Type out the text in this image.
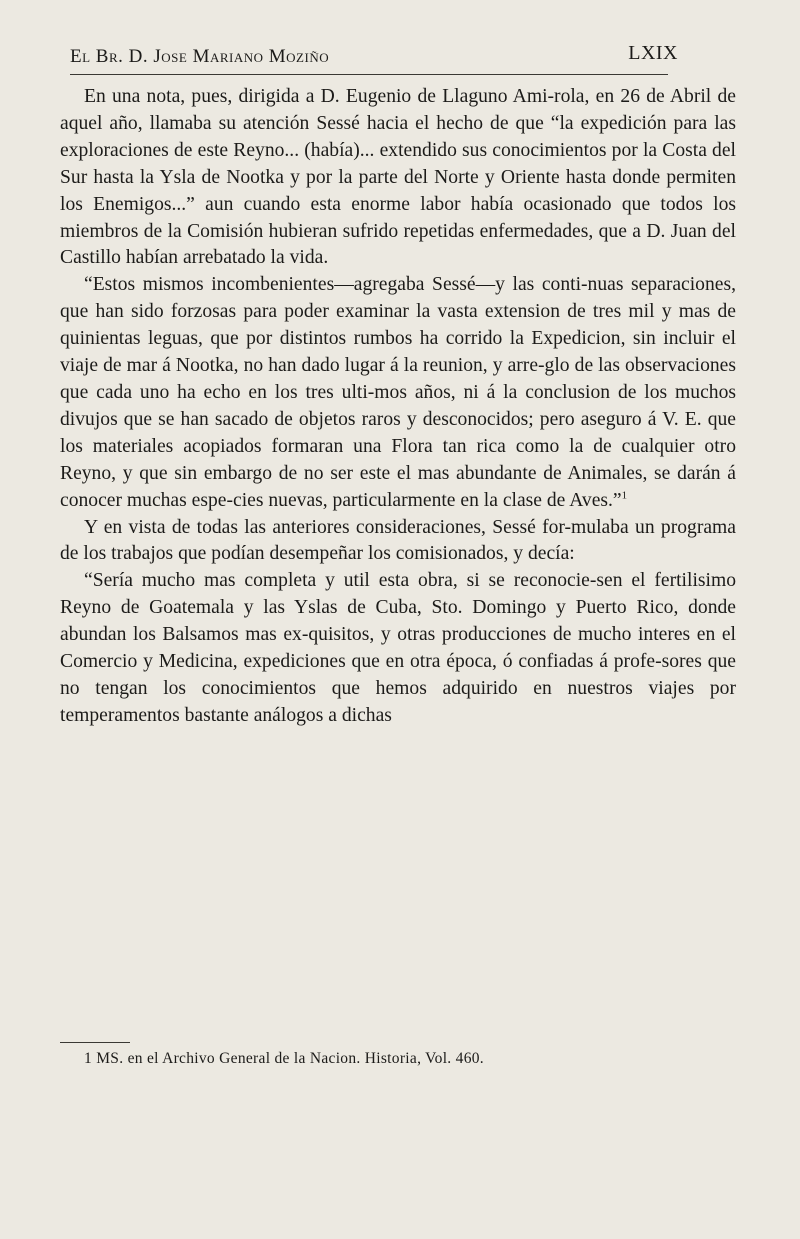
El Br. D. Jose Mariano Moziño	LXIX

En una nota, pues, dirigida a D. Eugenio de Llaguno Ami-rola, en 26 de Abril de aquel año, llamaba su atención Sessé hacia el hecho de que “la expedición para las exploraciones de este Reyno... (había)... extendido sus conocimientos por la Costa del Sur hasta la Ysla de Nootka y por la parte del Norte y Oriente hasta donde permiten los Enemigos...” aun cuando esta enorme labor había ocasionado que todos los miembros de la Comisión hubieran sufrido repetidas enfermedades, que a D. Juan del Castillo habían arrebatado la vida.

“Estos mismos incombenientes—agregaba Sessé—y las conti-nuas separaciones, que han sido forzosas para poder examinar la vasta extension de tres mil y mas de quinientas leguas, que por distintos rumbos ha corrido la Expedicion, sin incluir el viaje de mar á Nootka, no han dado lugar á la reunion, y arre-glo de las observaciones que cada uno ha echo en los tres ulti-mos años, ni á la conclusion de los muchos divujos que se han sacado de objetos raros y desconocidos; pero aseguro á V. E. que los materiales acopiados formaran una Flora tan rica como la de cualquier otro Reyno, y que sin embargo de no ser este el mas abundante de Animales, se darán á conocer muchas espe-cies nuevas, particularmente en la clase de Aves.”$^1$

Y en vista de todas las anteriores consideraciones, Sessé for-mulaba un programa de los trabajos que podían desempeñar los comisionados, y decía:

“Sería mucho mas completa y util esta obra, si se reconocie-sen el fertilisimo Reyno de Goatemala y las Yslas de Cuba, Sto. Domingo y Puerto Rico, donde abundan los Balsamos mas ex-quisitos, y otras producciones de mucho interes en el Comercio y Medicina, expediciones que en otra época, ó confiadas á profe-sores que no tengan los conocimientos que hemos adquirido en nuestros viajes por temperamentos bastante análogos a dichas

1 MS. en el Archivo General de la Nacion. Historia, Vol. 460.
